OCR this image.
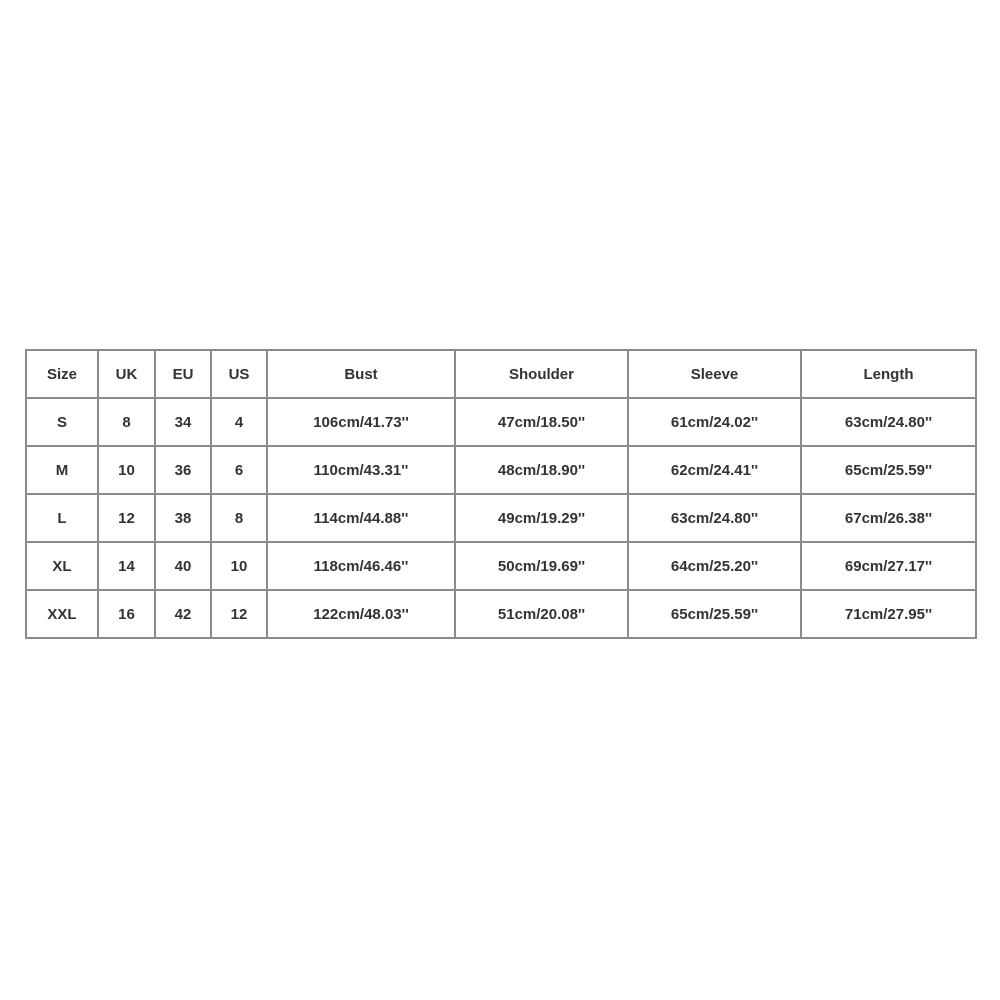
Size	UK	EU	US	Bust	Shoulder	Sleeve	Length
S	8	34	4	106cm/41.73''	47cm/18.50''	61cm/24.02''	63cm/24.80''
M	10	36	6	110cm/43.31''	48cm/18.90''	62cm/24.41''	65cm/25.59''
L	12	38	8	114cm/44.88''	49cm/19.29''	63cm/24.80''	67cm/26.38''
XL	14	40	10	118cm/46.46''	50cm/19.69''	64cm/25.20''	69cm/27.17''
XXL	16	42	12	122cm/48.03''	51cm/20.08''	65cm/25.59''	71cm/27.95''
